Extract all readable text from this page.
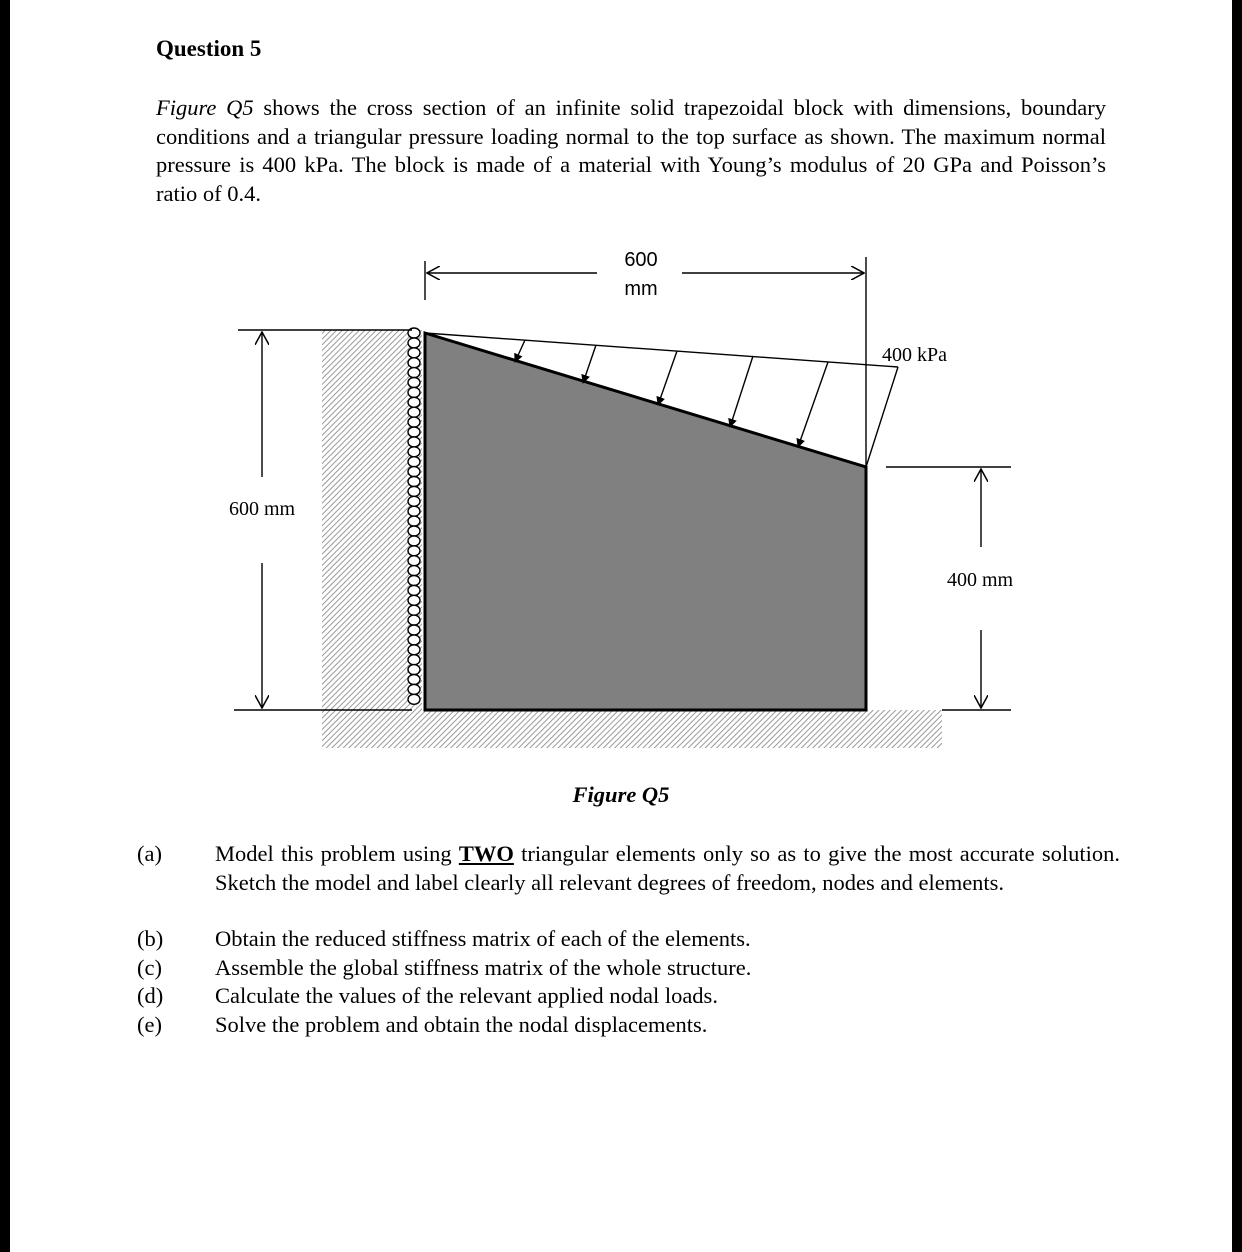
Question 5

Figure Q5 shows the cross section of an infinite solid trapezoidal block with dimensions, boundary conditions and a triangular pressure loading normal to the top surface as shown. The maximum normal pressure is 400 kPa. The block is made of a material with Young’s modulus of 20 GPa and Poisson’s ratio of 0.4.

600
mm
400 kPa
600 mm
400 mm
Figure Q5
(a) Model this problem using TWO triangular elements only so as to give the most accurate solution. Sketch the model and label clearly all relevant degrees of freedom, nodes and elements.
(b) Obtain the reduced stiffness matrix of each of the elements.
(c) Assemble the global stiffness matrix of the whole structure.
(d) Calculate the values of the relevant applied nodal loads.
(e) Solve the problem and obtain the nodal displacements.
